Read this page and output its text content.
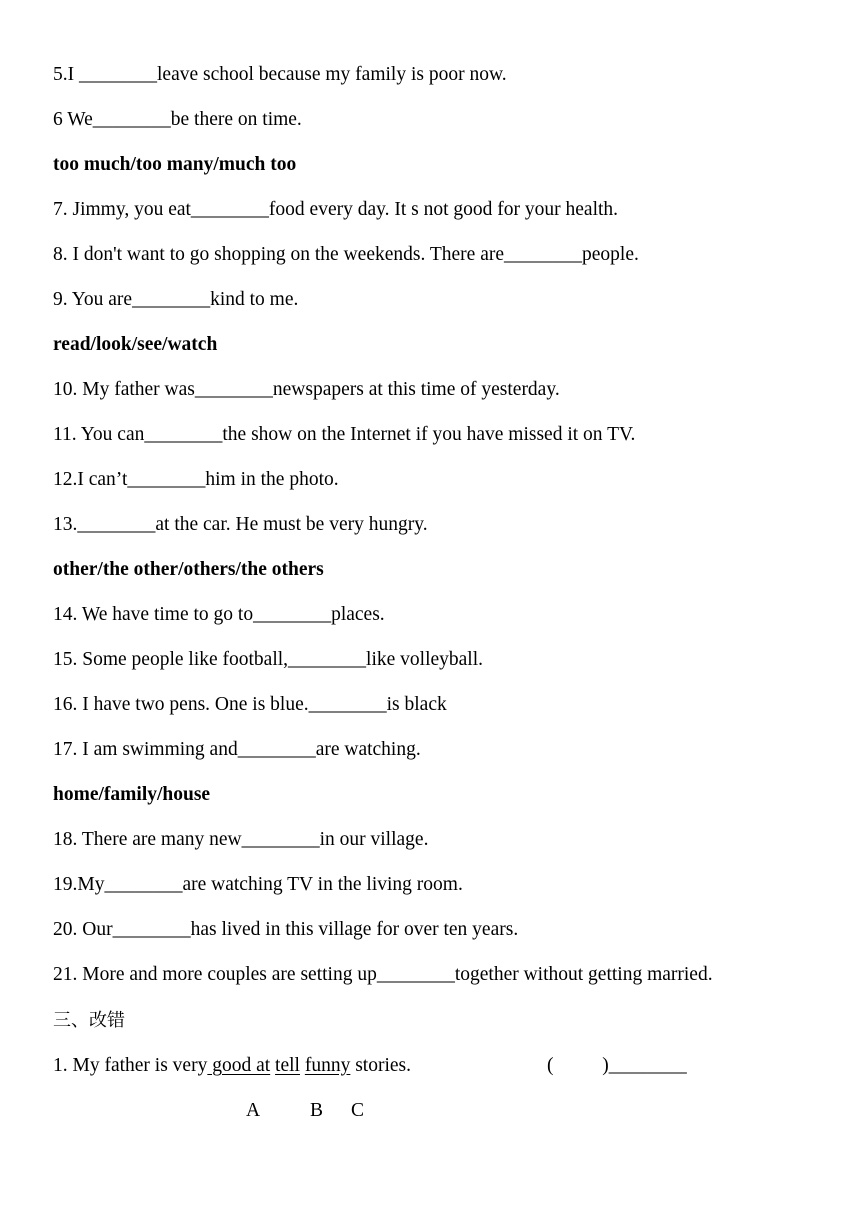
5.I ________leave school because my family is poor now.
6 We________be there on time.
too much/too many/much too
7. Jimmy, you eat________food every day. It s not good for your health.
8. I don't want to go shopping on the weekends. There are________people.
9. You are________kind to me.
read/look/see/watch
10. My father was________newspapers at this time of yesterday.
11. You can________the show on the Internet if you have missed it on TV.
12.I can’t________him in the photo.
13.________at the car. He must be very hungry.
other/the other/others/the others
14. We have time to go to________places.
15. Some people like football,________like volleyball.
16. I have two pens. One is blue.________is black
17. I am swimming and________are watching.
home/family/house
18. There are many new________in our village.
19.My________are watching TV in the living room.
20. Our________has lived in this village for over ten years.
21. More and more couples are setting up________together without getting married.
三、改错
1. My father is very good at tell funny stories.	(          )________
A	B C
